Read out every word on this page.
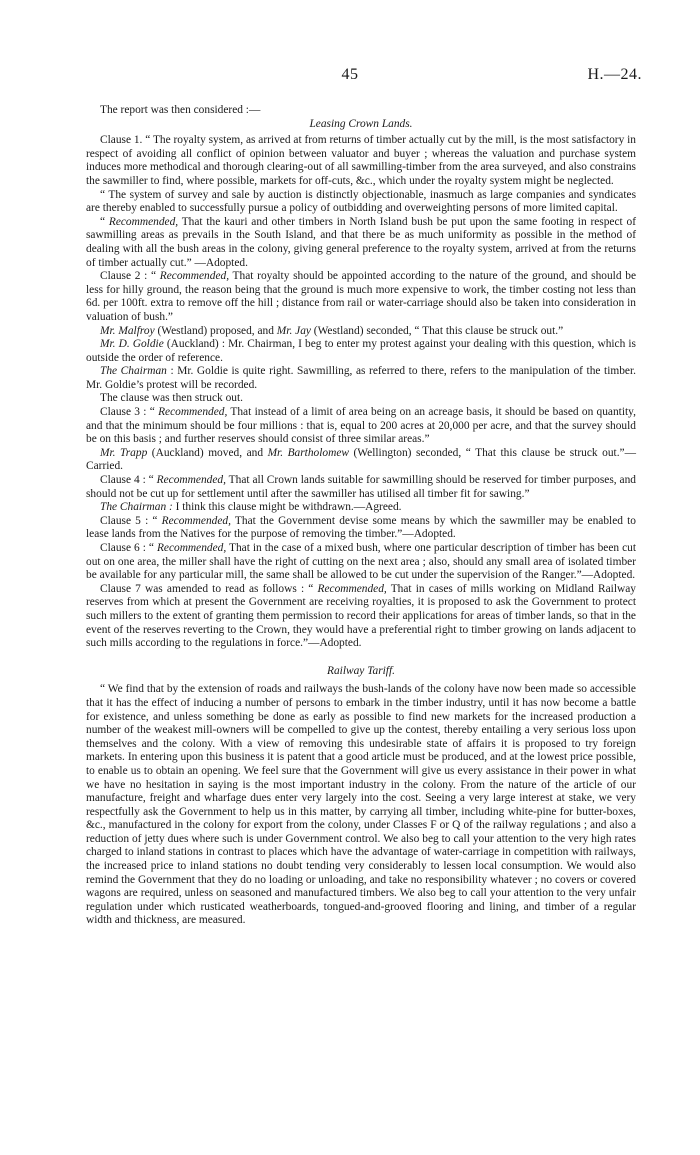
45	H.—24.

The report was then considered :—

Leasing Crown Lands.

Clause 1. “ The royalty system, as arrived at from returns of timber actually cut by the mill, is the most satisfactory in respect of avoiding all conflict of opinion between valuator and buyer ; whereas the valuation and purchase system induces more methodical and thorough clearing-out of all sawmilling-timber from the area surveyed, and also constrains the sawmiller to find, where possible, markets for off-cuts, &c., which under the royalty system might be neglected.

“ The system of survey and sale by auction is distinctly objectionable, inasmuch as large companies and syndicates are thereby enabled to successfully pursue a policy of outbidding and overweighting persons of more limited capital.

“ Recommended, That the kauri and other timbers in North Island bush be put upon the same footing in respect of sawmilling areas as prevails in the South Island, and that there be as much uniformity as possible in the method of dealing with all the bush areas in the colony, giving general preference to the royalty system, arrived at from the returns of timber actually cut.” —Adopted.

Clause 2 : “ Recommended, That royalty should be appointed according to the nature of the ground, and should be less for hilly ground, the reason being that the ground is much more expensive to work, the timber costing not less than 6d. per 100ft. extra to remove off the hill ; distance from rail or water-carriage should also be taken into consideration in valuation of bush.”

Mr. Malfroy (Westland) proposed, and Mr. Jay (Westland) seconded, “ That this clause be struck out.”

Mr. D. Goldie (Auckland) : Mr. Chairman, I beg to enter my protest against your dealing with this question, which is outside the order of reference.

The Chairman : Mr. Goldie is quite right. Sawmilling, as referred to there, refers to the manipulation of the timber. Mr. Goldie’s protest will be recorded.

The clause was then struck out.

Clause 3 : “ Recommended, That instead of a limit of area being on an acreage basis, it should be based on quantity, and that the minimum should be four millions : that is, equal to 200 acres at 20,000 per acre, and that the survey should be on this basis ; and further reserves should consist of three similar areas.”

Mr. Trapp (Auckland) moved, and Mr. Bartholomew (Wellington) seconded, “ That this clause be struck out.”—Carried.

Clause 4 : “ Recommended, That all Crown lands suitable for sawmilling should be reserved for timber purposes, and should not be cut up for settlement until after the sawmiller has utilised all timber fit for sawing.”

The Chairman : I think this clause might be withdrawn.—Agreed.

Clause 5 : “ Recommended, That the Government devise some means by which the sawmiller may be enabled to lease lands from the Natives for the purpose of removing the timber.”—Adopted.

Clause 6 : “ Recommended, That in the case of a mixed bush, where one particular description of timber has been cut out on one area, the miller shall have the right of cutting on the next area ; also, should any small area of isolated timber be available for any particular mill, the same shall be allowed to be cut under the supervision of the Ranger.”—Adopted.

Clause 7 was amended to read as follows : “ Recommended, That in cases of mills working on Midland Railway reserves from which at present the Government are receiving royalties, it is proposed to ask the Government to protect such millers to the extent of granting them permission to record their applications for areas of timber lands, so that in the event of the reserves reverting to the Crown, they would have a preferential right to timber growing on lands adjacent to such mills according to the regulations in force.”—Adopted.

Railway Tariff.

“ We find that by the extension of roads and railways the bush-lands of the colony have now been made so accessible that it has the effect of inducing a number of persons to embark in the timber industry, until it has now become a battle for existence, and unless something be done as early as possible to find new markets for the increased production a number of the weakest mill-owners will be compelled to give up the contest, thereby entailing a very serious loss upon themselves and the colony. With a view of removing this undesirable state of affairs it is proposed to try foreign markets. In entering upon this business it is patent that a good article must be produced, and at the lowest price possible, to enable us to obtain an opening. We feel sure that the Government will give us every assistance in their power in what we have no hesitation in saying is the most important industry in the colony. From the nature of the article of our manufacture, freight and wharfage dues enter very largely into the cost. Seeing a very large interest at stake, we very respectfully ask the Government to help us in this matter, by carrying all timber, including white-pine for butter-boxes, &c., manufactured in the colony for export from the colony, under Classes F or Q of the railway regulations ; and also a reduction of jetty dues where such is under Government control. We also beg to call your attention to the very high rates charged to inland stations in contrast to places which have the advantage of water-carriage in competition with railways, the increased price to inland stations no doubt tending very considerably to lessen local consumption. We would also remind the Government that they do no loading or unloading, and take no responsibility whatever ; no covers or covered wagons are required, unless on seasoned and manufactured timbers. We also beg to call your attention to the very unfair regulation under which rusticated weatherboards, tongued-and-grooved flooring and lining, and timber of a regular width and thickness, are measured.
